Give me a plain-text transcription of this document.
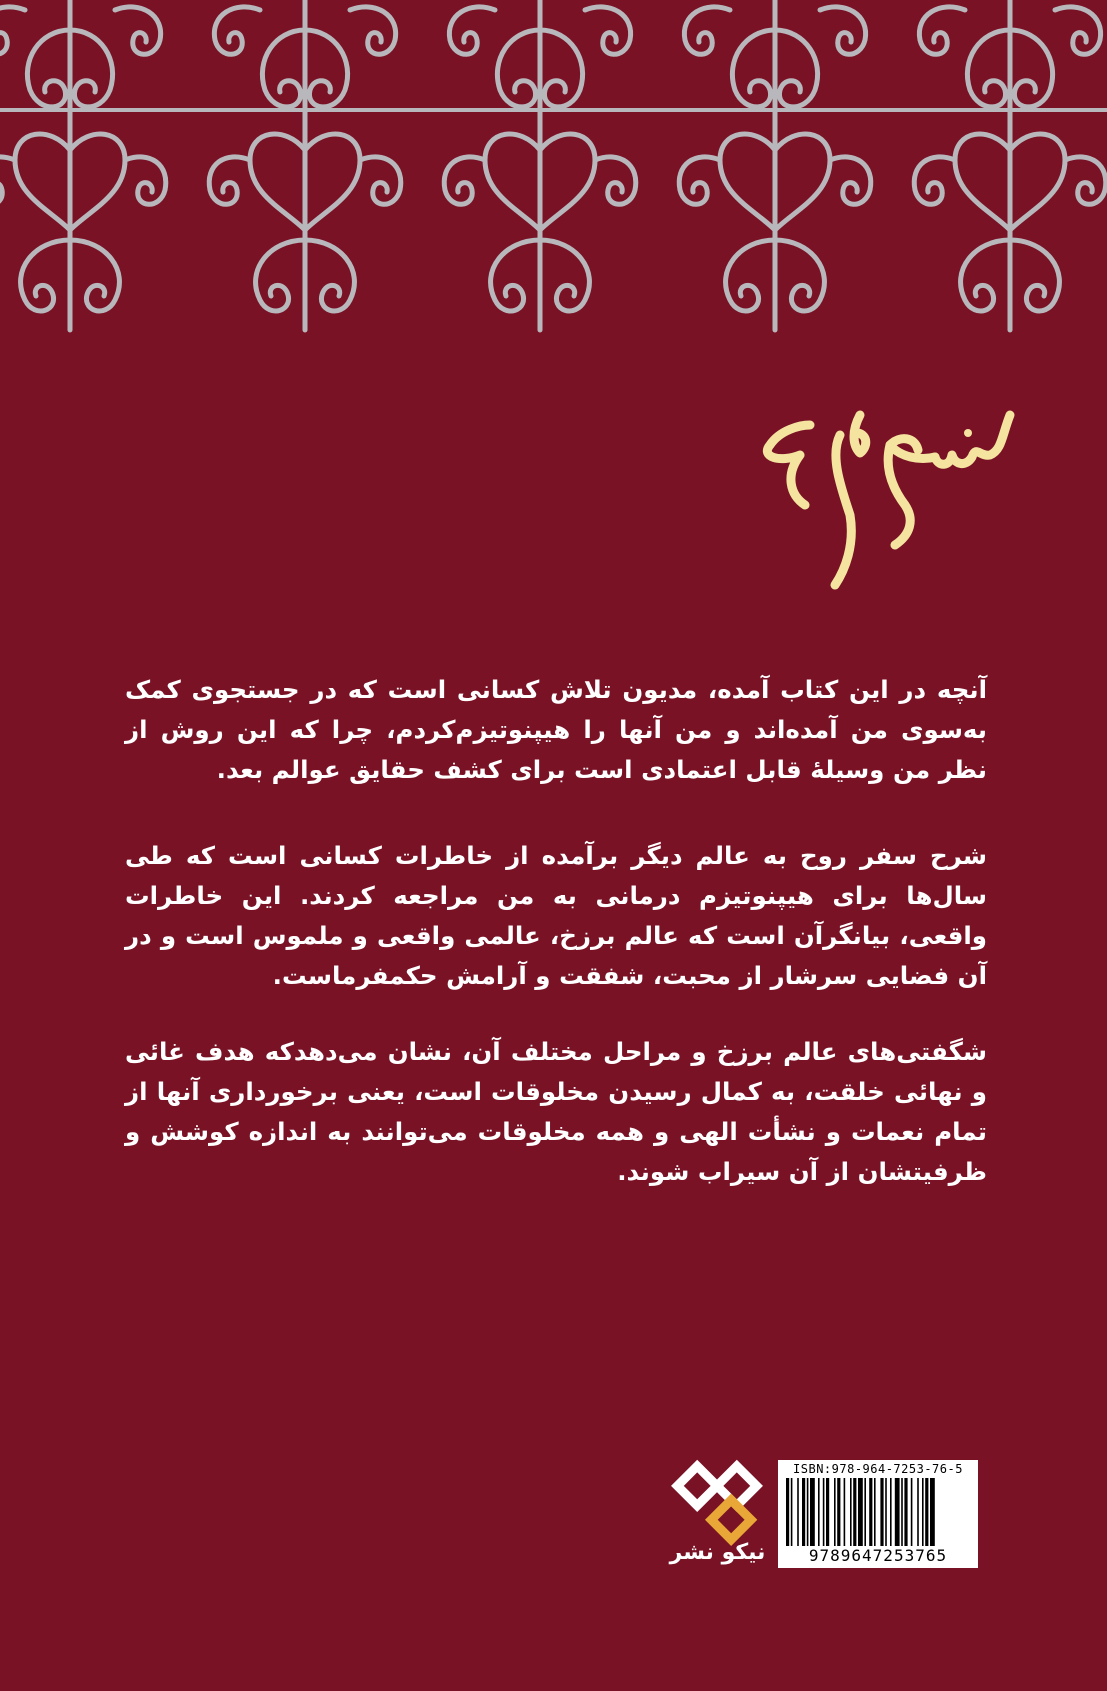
آنچه در این کتاب آمده، مدیون تلاش کسانی است که در جستجوی کمک به‌سوی من آمده‌اند و من آنها را هیپنوتیزم‌کردم، چرا که این روش از نظر من وسیلهٔ قابل اعتمادی است برای کشف حقایق عوالم بعد.
شرح سفر روح به عالم دیگر برآمده از خاطرات کسانی است که طی سال‌ها برای هیپنوتیزم درمانی به من مراجعه کردند. این خاطرات واقعی، بیانگرآن است که عالم برزخ، عالمی واقعی و ملموس است و در آن فضایی سرشار از محبت، شفقت و آرامش حکمفرماست.
شگفتی‌های عالم برزخ و مراحل مختلف آن، نشان می‌دهدکه هدف غائی و نهائی خلقت، به کمال رسیدن مخلوقات است، یعنی برخورداری آنها از تمام نعمات و نشأت الهی و همه مخلوقات می‌توانند به اندازه کوشش و ظرفیتشان از آن سیراب شوند.
نیکو نشر
ISBN:978-964-7253-76-5
9789647253765
